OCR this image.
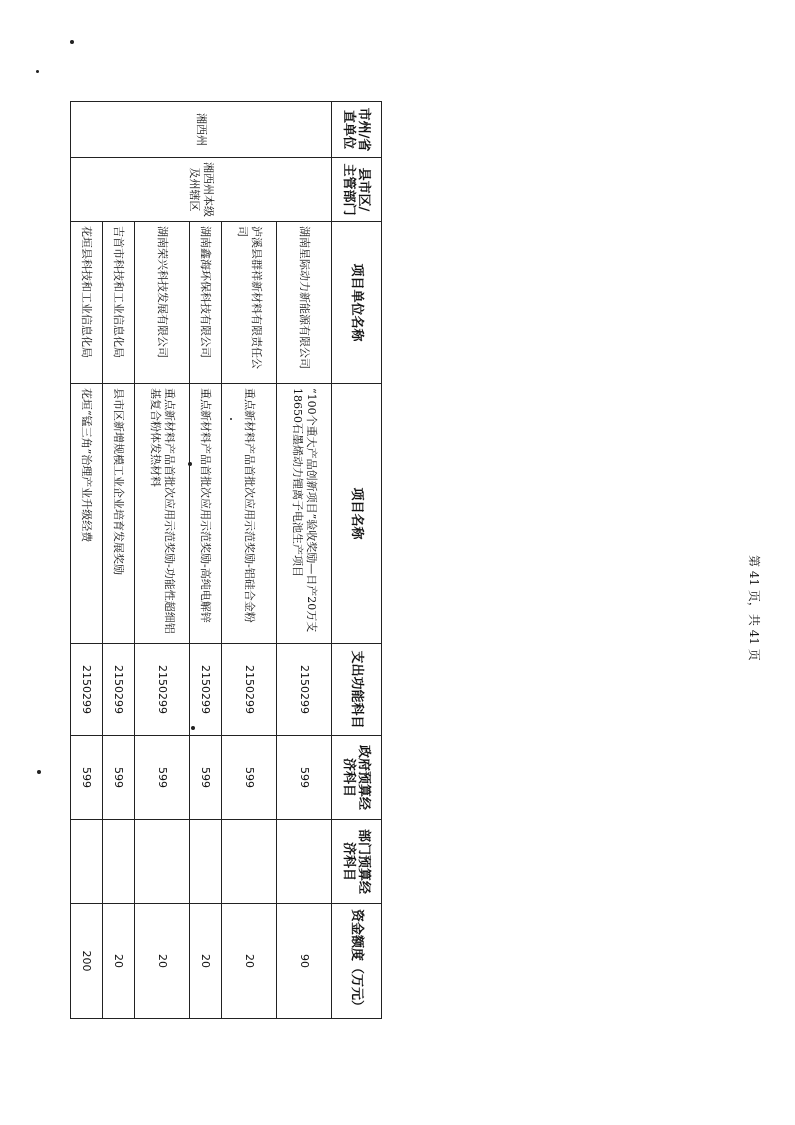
市州/省直单位	县市区/主管部门	项目单位名称	项目名称	支出功能科目	政府预算经济科目	部门预算经济科目	资金额度（万元）
湘西州	湘西州本级及州辖区	湖南星际动力新能源有限公司	“100个重大产品创新项目”验收奖励—日产20万支18650石墨烯动力锂离子电池生产项目	2150299	599		90
		泸溪县群祥新材料有限责任公司	重点新材料产品首批次应用示范奖励-铝硅合金粉	2150299	599		20
		湖南鑫海环保科技有限公司	重点新材料产品首批次应用示范奖励-高纯电解锌	2150299	599		20
		湖南荣兴科技发展有限公司	重点新材料产品首批次应用示范奖励-功能性超细铝基复合粉体发热材料	2150299	599		20
		吉首市科技和工业信息化局	县市区新增规模工业企业培育发展奖励	2150299	599		20
		花垣县科技和工业信息化局	花垣“锰三角”治理产业升级经费	2150299	599		200
第 41 页，共 41 页
